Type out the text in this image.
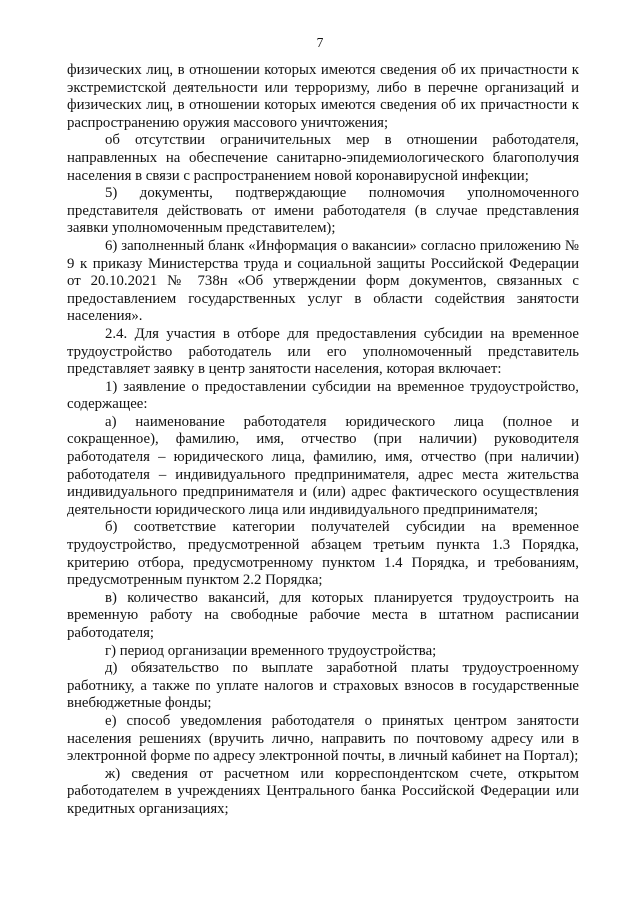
7

физических лиц, в отношении которых имеются сведения об их причастности к экстремистской деятельности или терроризму, либо в перечне организаций и физических лиц, в отношении которых имеются сведения об их причастности к распространению оружия массового уничтожения;

об отсутствии ограничительных мер в отношении работодателя, направленных на обеспечение санитарно-эпидемиологического благополучия населения в связи с распространением новой коронавирусной инфекции;

5) документы, подтверждающие полномочия уполномоченного представителя действовать от имени работодателя (в случае представления заявки уполномоченным представителем);

6) заполненный бланк «Информация о вакансии» согласно приложению № 9 к приказу Министерства труда и социальной защиты Российской Федерации от 20.10.2021 № 738н «Об утверждении форм документов, связанных с предоставлением государственных услуг в области содействия занятости населения».

2.4. Для участия в отборе для предоставления субсидии на временное трудоустройство работодатель или его уполномоченный представитель представляет заявку в центр занятости населения, которая включает:

1) заявление о предоставлении субсидии на временное трудоустройство, содержащее:

а) наименование работодателя юридического лица (полное и сокращенное), фамилию, имя, отчество (при наличии) руководителя работодателя – юридического лица, фамилию, имя, отчество (при наличии) работодателя – индивидуального предпринимателя, адрес места жительства индивидуального предпринимателя и (или) адрес фактического осуществления деятельности юридического лица или индивидуального предпринимателя;

б) соответствие категории получателей субсидии на временное трудоустройство, предусмотренной абзацем третьим пункта 1.3 Порядка, критерию отбора, предусмотренному пунктом 1.4 Порядка, и требованиям, предусмотренным пунктом 2.2 Порядка;

в) количество вакансий, для которых планируется трудоустроить на временную работу на свободные рабочие места в штатном расписании работодателя;

г) период организации временного трудоустройства;

д) обязательство по выплате заработной платы трудоустроенному работнику, а также по уплате налогов и страховых взносов в государственные внебюджетные фонды;

е) способ уведомления работодателя о принятых центром занятости населения решениях (вручить лично, направить по почтовому адресу или в электронной форме по адресу электронной почты, в личный кабинет на Портал);

ж) сведения от расчетном или корреспондентском счете, открытом работодателем в учреждениях Центрального банка Российской Федерации или кредитных организациях;
